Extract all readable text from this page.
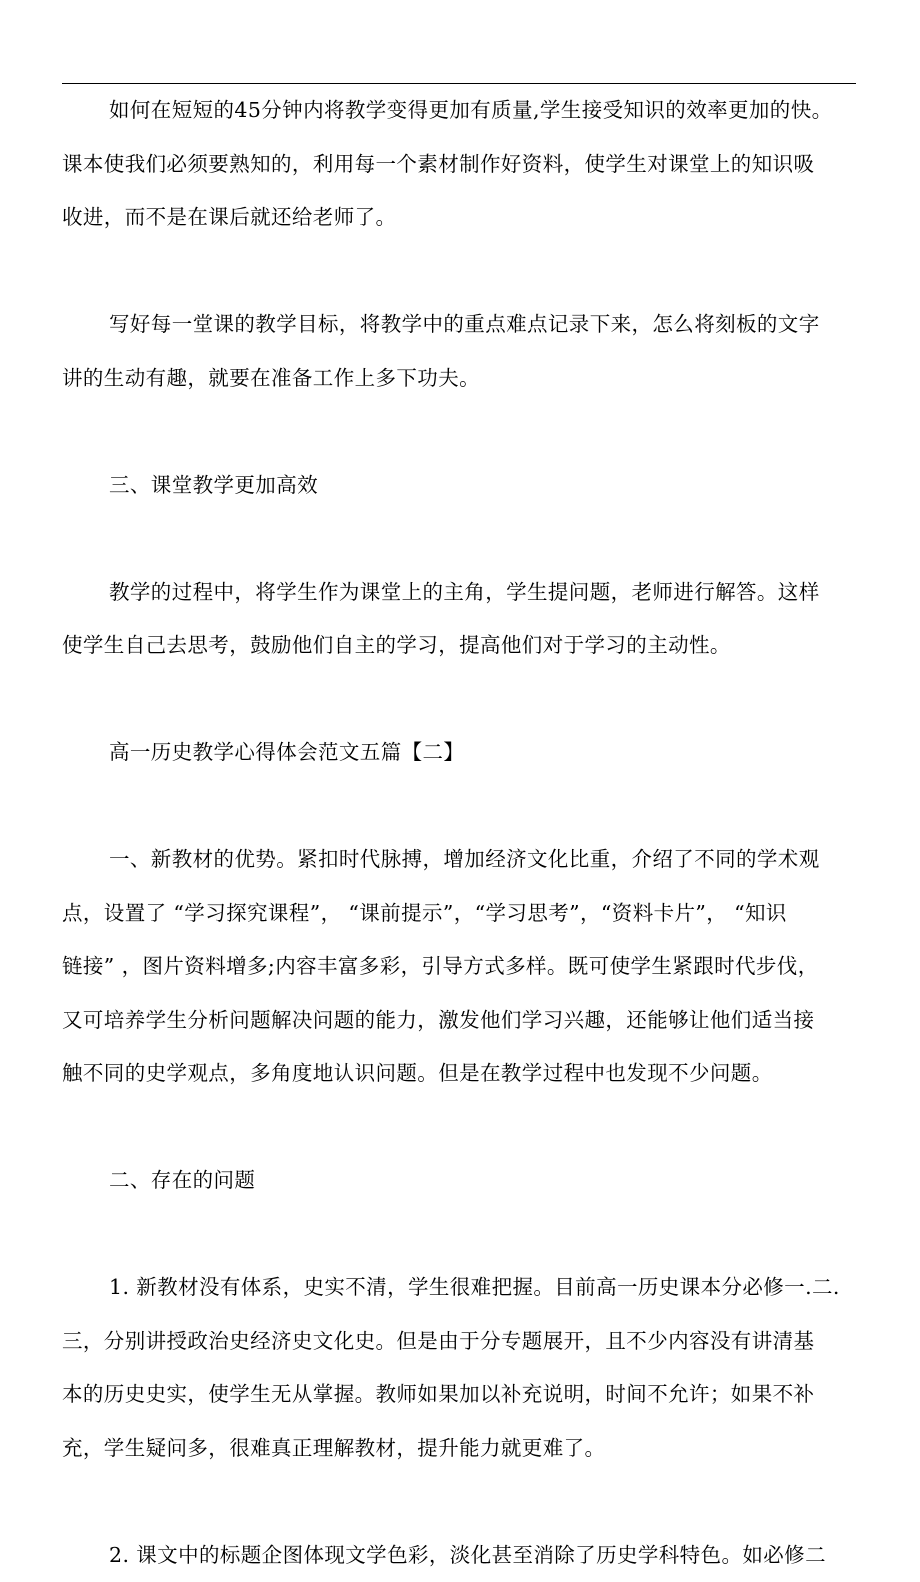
如何在短短的45分钟内将教学变得更加有质量,学生接受知识的效率更加的快。
课本使我们必须要熟知的，利用每一个素材制作好资料，使学生对课堂上的知识吸
收进，而不是在课后就还给老师了。

写好每一堂课的教学目标，将教学中的重点难点记录下来，怎么将刻板的文字
讲的生动有趣，就要在准备工作上多下功夫。

三、课堂教学更加高效

教学的过程中，将学生作为课堂上的主角，学生提问题，老师进行解答。这样
使学生自己去思考，鼓励他们自主的学习，提高他们对于学习的主动性。

高一历史教学心得体会范文五篇【二】

一、新教材的优势。紧扣时代脉搏，增加经济文化比重，介绍了不同的学术观
点，设置了 “学习探究课程”， “课前提示”，“学习思考”，“资料卡片”， “知识
链接” ，图片资料增多;内容丰富多彩，引导方式多样。既可使学生紧跟时代步伐，
又可培养学生分析问题解决问题的能力，激发他们学习兴趣，还能够让他们适当接
触不同的史学观点，多角度地认识问题。但是在教学过程中也发现不少问题。

二、存在的问题

1. 新教材没有体系，史实不清，学生很难把握。目前高一历史课本分必修一.二.
三，分别讲授政治史经济史文化史。但是由于分专题展开，且不少内容没有讲清基
本的历史史实，使学生无从掌握。教师如果加以补充说明，时间不允许；如果不补
充，学生疑问多，很难真正理解教材，提升能力就更难了。

2. 课文中的标题企图体现文学色彩，淡化甚至消除了历史学科特色。如必修二
